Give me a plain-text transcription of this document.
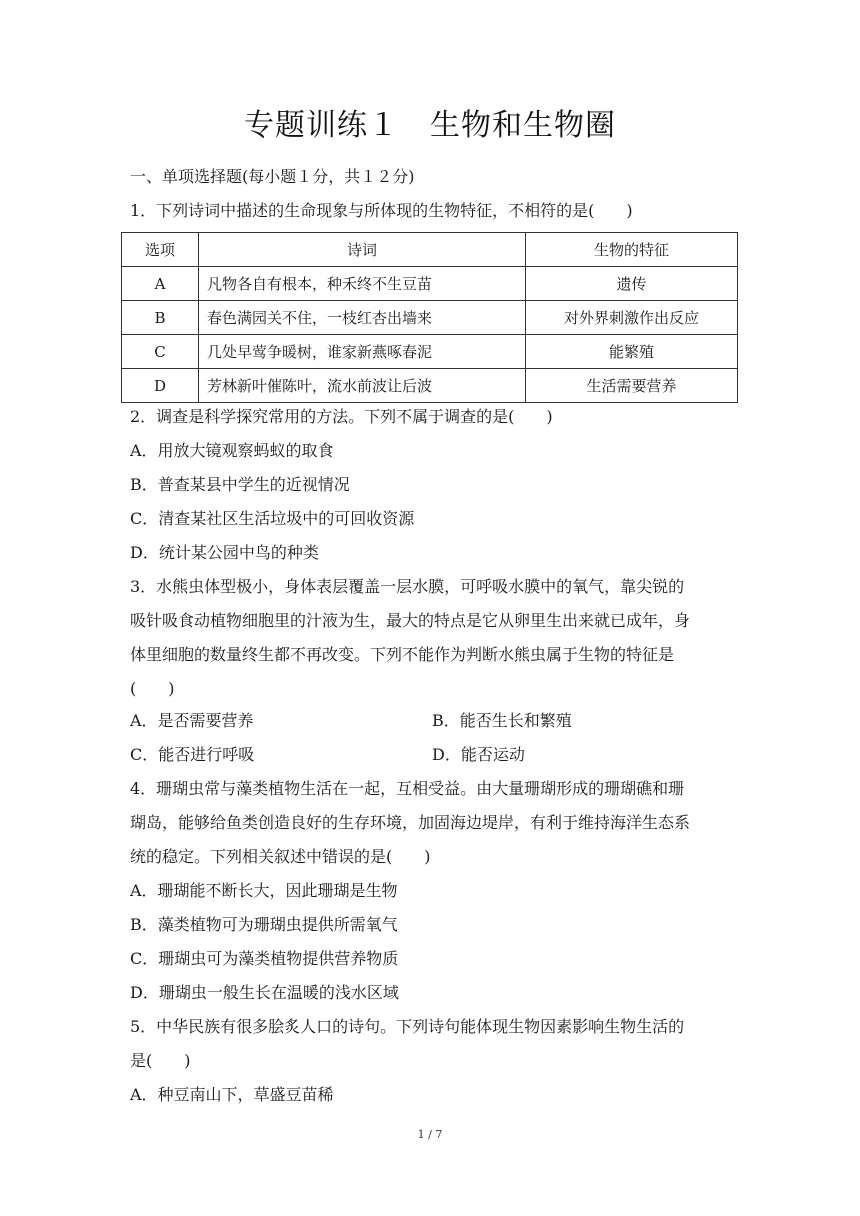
专题训练１　生物和生物圈
一、单项选择题(每小题１分，共１２分)
1．下列诗词中描述的生命现象与所体现的生物特征，不相符的是(　　)
选项	诗词	生物的特征
A	凡物各自有根本，种禾终不生豆苗	遗传
B	春色满园关不住，一枝红杏出墙来	对外界刺激作出反应
C	几处早莺争暖树，谁家新燕啄春泥	能繁殖
D	芳林新叶催陈叶，流水前波让后波	生活需要营养
2．调查是科学探究常用的方法。下列不属于调查的是(　　)
A．用放大镜观察蚂蚁的取食
B．普查某县中学生的近视情况
C．清查某社区生活垃圾中的可回收资源
D．统计某公园中鸟的种类
3．水熊虫体型极小，身体表层覆盖一层水膜，可呼吸水膜中的氧气，靠尖锐的
吸针吸食动植物细胞里的汁液为生，最大的特点是它从卵里生出来就已成年，身
体里细胞的数量终生都不再改变。下列不能作为判断水熊虫属于生物的特征是
(　　)
A．是否需要营养	B．能否生长和繁殖
C．能否进行呼吸	D．能否运动
4．珊瑚虫常与藻类植物生活在一起，互相受益。由大量珊瑚形成的珊瑚礁和珊
瑚岛，能够给鱼类创造良好的生存环境，加固海边堤岸，有利于维持海洋生态系
统的稳定。下列相关叙述中错误的是(　　)
A．珊瑚能不断长大，因此珊瑚是生物
B．藻类植物可为珊瑚虫提供所需氧气
C．珊瑚虫可为藻类植物提供营养物质
D．珊瑚虫一般生长在温暖的浅水区域
5．中华民族有很多脍炙人口的诗句。下列诗句能体现生物因素影响生物生活的
是(　　)
A．种豆南山下，草盛豆苗稀
1 / 7
